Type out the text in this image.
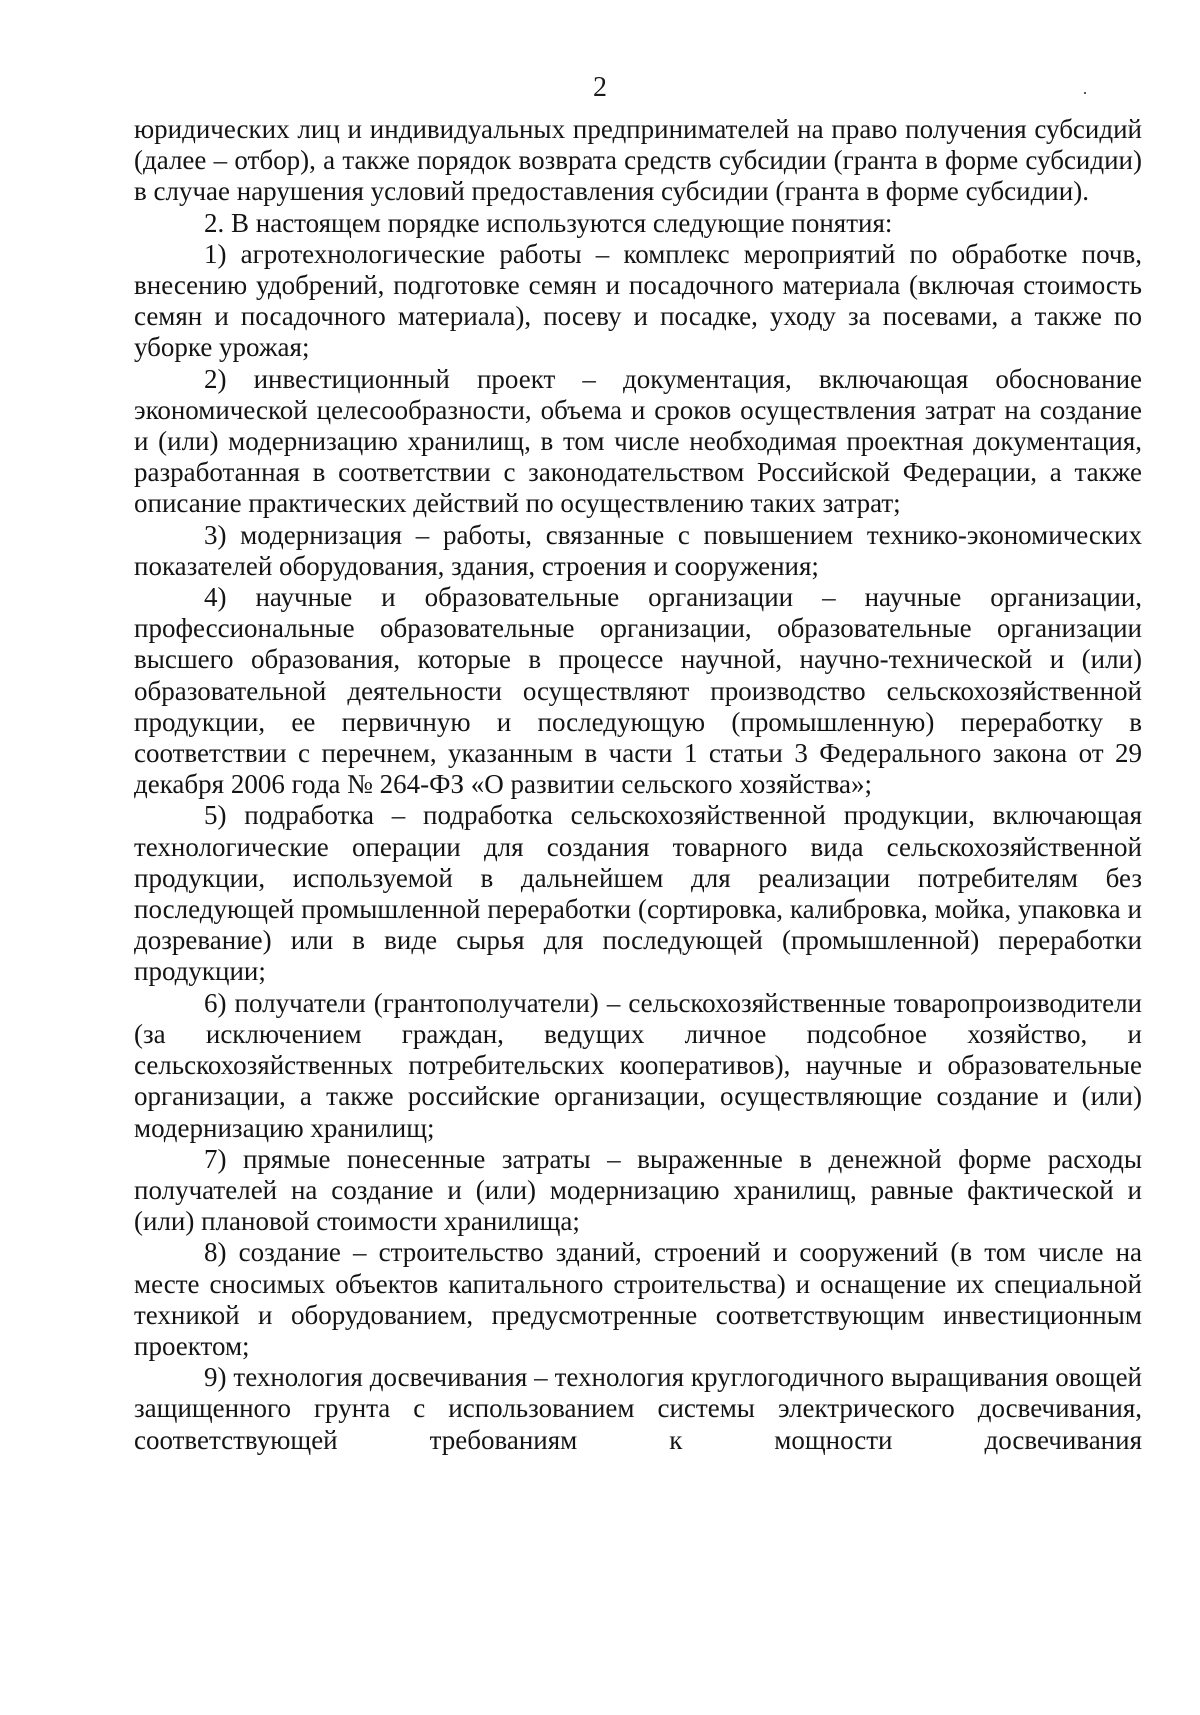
2

юридических лиц и индивидуальных предпринимателей на право получения субсидий (далее – отбор), а также порядок возврата средств субсидии (гранта в форме субсидии) в случае нарушения условий предоставления субсидии (гранта в форме субсидии).

2. В настоящем порядке используются следующие понятия:

1) агротехнологические работы – комплекс мероприятий по обработке почв, внесению удобрений, подготовке семян и посадочного материала (включая стоимость семян и посадочного материала), посеву и посадке, уходу за посевами, а также по уборке урожая;

2) инвестиционный проект – документация, включающая обоснование экономической целесообразности, объема и сроков осуществления затрат на создание и (или) модернизацию хранилищ, в том числе необходимая проектная документация, разработанная в соответствии с законодательством Российской Федерации, а также описание практических действий по осуществлению таких затрат;

3) модернизация – работы, связанные с повышением технико-экономических показателей оборудования, здания, строения и сооружения;

4) научные и образовательные организации – научные организации, профессиональные образовательные организации, образовательные организации высшего образования, которые в процессе научной, научно-технической и (или) образовательной деятельности осуществляют производство сельскохозяйственной продукции, ее первичную и последующую (промышленную) переработку в соответствии с перечнем, указанным в части 1 статьи 3 Федерального закона от 29 декабря 2006 года № 264-ФЗ «О развитии сельского хозяйства»;

5) подработка – подработка сельскохозяйственной продукции, включающая технологические операции для создания товарного вида сельскохозяйственной продукции, используемой в дальнейшем для реализации потребителям без последующей промышленной переработки (сортировка, калибровка, мойка, упаковка и дозревание) или в виде сырья для последующей (промышленной) переработки продукции;

6) получатели (грантополучатели) – сельскохозяйственные товаропроизводители (за исключением граждан, ведущих личное подсобное хозяйство, и сельскохозяйственных потребительских кооперативов), научные и образовательные организации, а также российские организации, осуществляющие создание и (или) модернизацию хранилищ;

7) прямые понесенные затраты – выраженные в денежной форме расходы получателей на создание и (или) модернизацию хранилищ, равные фактической и (или) плановой стоимости хранилища;

8) создание – строительство зданий, строений и сооружений (в том числе на месте сносимых объектов капитального строительства) и оснащение их специальной техникой и оборудованием, предусмотренные соответствующим инвестиционным проектом;

9) технология досвечивания – технология круглогодичного выращивания овощей защищенного грунта с использованием системы электрического досвечивания, соответствующей требованиям к мощности досвечивания
